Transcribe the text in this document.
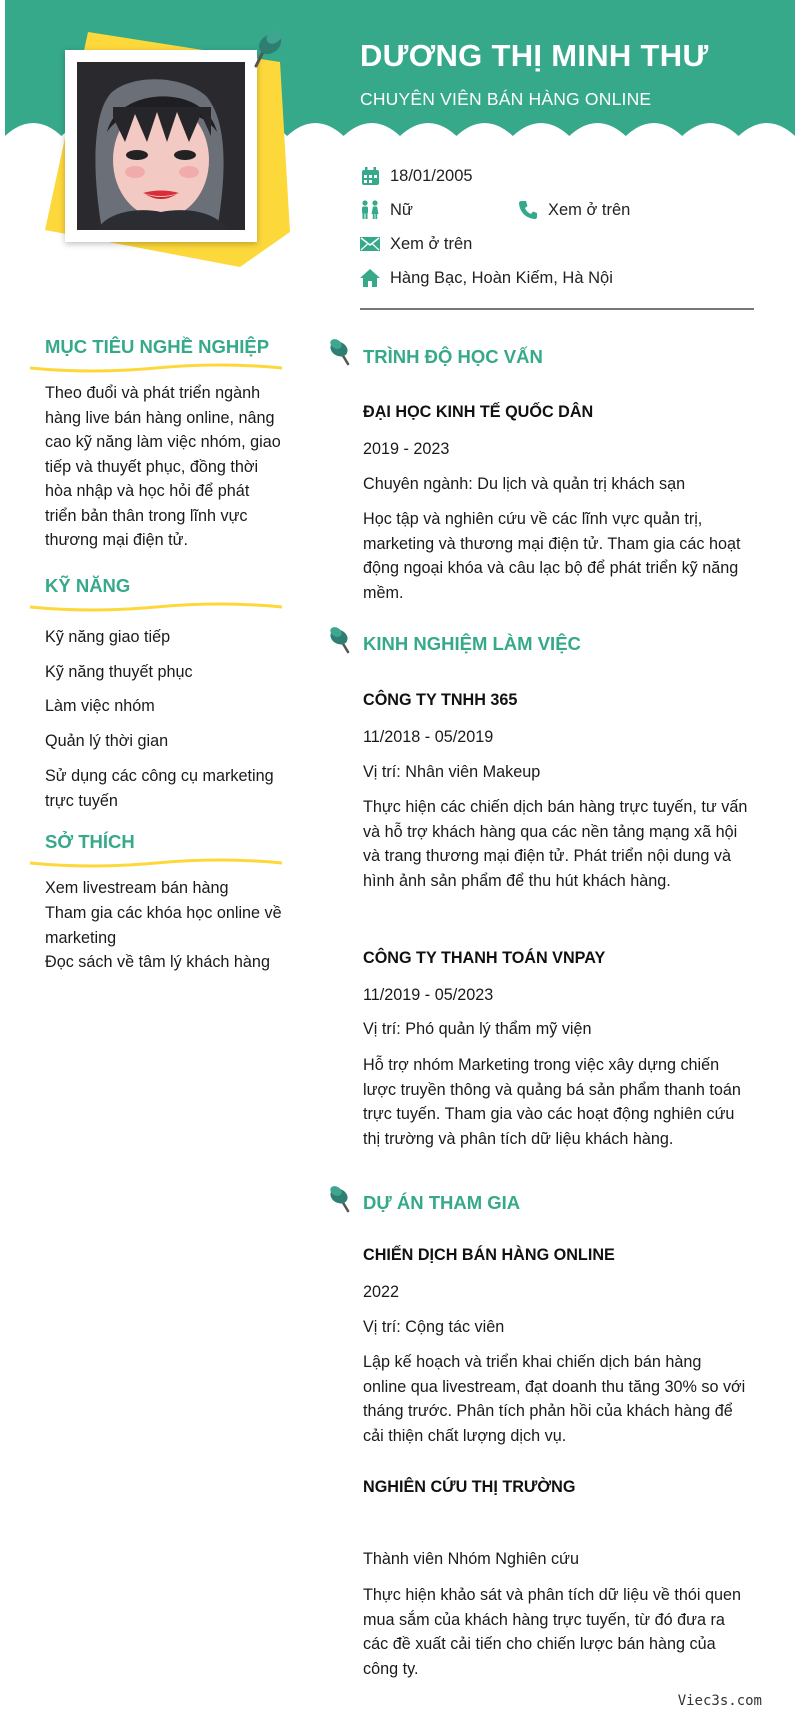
DƯƠNG THỊ MINH THƯ
CHUYÊN VIÊN BÁN HÀNG ONLINE
18/01/2005
Nữ	Xem ở trên
Xem ở trên
Hàng Bạc, Hoàn Kiếm, Hà Nội
MỤC TIÊU NGHỀ NGHIỆP
Theo đuổi và phát triển ngành
hàng live bán hàng online, nâng
cao kỹ năng làm việc nhóm, giao
tiếp và thuyết phục, đồng thời
hòa nhập và học hỏi để phát
triển bản thân trong lĩnh vực
thương mại điện tử.
KỸ NĂNG
Kỹ năng giao tiếp
Kỹ năng thuyết phục
Làm việc nhóm
Quản lý thời gian
Sử dụng các công cụ marketing trực tuyến
SỞ THÍCH
Xem livestream bán hàng
Tham gia các khóa học online về marketing
Đọc sách về tâm lý khách hàng
TRÌNH ĐỘ HỌC VẤN
ĐẠI HỌC KINH TẾ QUỐC DÂN
2019 - 2023
Chuyên ngành: Du lịch và quản trị khách sạn
Học tập và nghiên cứu về các lĩnh vực quản trị, marketing và thương mại điện tử. Tham gia các hoạt động ngoại khóa và câu lạc bộ để phát triển kỹ năng mềm.
KINH NGHIỆM LÀM VIỆC
CÔNG TY TNHH 365
11/2018 - 05/2019
Vị trí: Nhân viên Makeup
Thực hiện các chiến dịch bán hàng trực tuyến, tư vấn và hỗ trợ khách hàng qua các nền tảng mạng xã hội và trang thương mại điện tử. Phát triển nội dung và hình ảnh sản phẩm để thu hút khách hàng.
CÔNG TY THANH TOÁN VNPAY
11/2019 - 05/2023
Vị trí: Phó quản lý thẩm mỹ viện
Hỗ trợ nhóm Marketing trong việc xây dựng chiến lược truyền thông và quảng bá sản phẩm thanh toán trực tuyến. Tham gia vào các hoạt động nghiên cứu thị trường và phân tích dữ liệu khách hàng.
DỰ ÁN THAM GIA
CHIẾN DỊCH BÁN HÀNG ONLINE
2022
Vị trí: Cộng tác viên
Lập kế hoạch và triển khai chiến dịch bán hàng online qua livestream, đạt doanh thu tăng 30% so với tháng trước. Phân tích phản hồi của khách hàng để cải thiện chất lượng dịch vụ.
NGHIÊN CỨU THỊ TRƯỜNG
Thành viên Nhóm Nghiên cứu
Thực hiện khảo sát và phân tích dữ liệu về thói quen mua sắm của khách hàng trực tuyến, từ đó đưa ra các đề xuất cải tiến cho chiến lược bán hàng của công ty.
Viec3s.com
